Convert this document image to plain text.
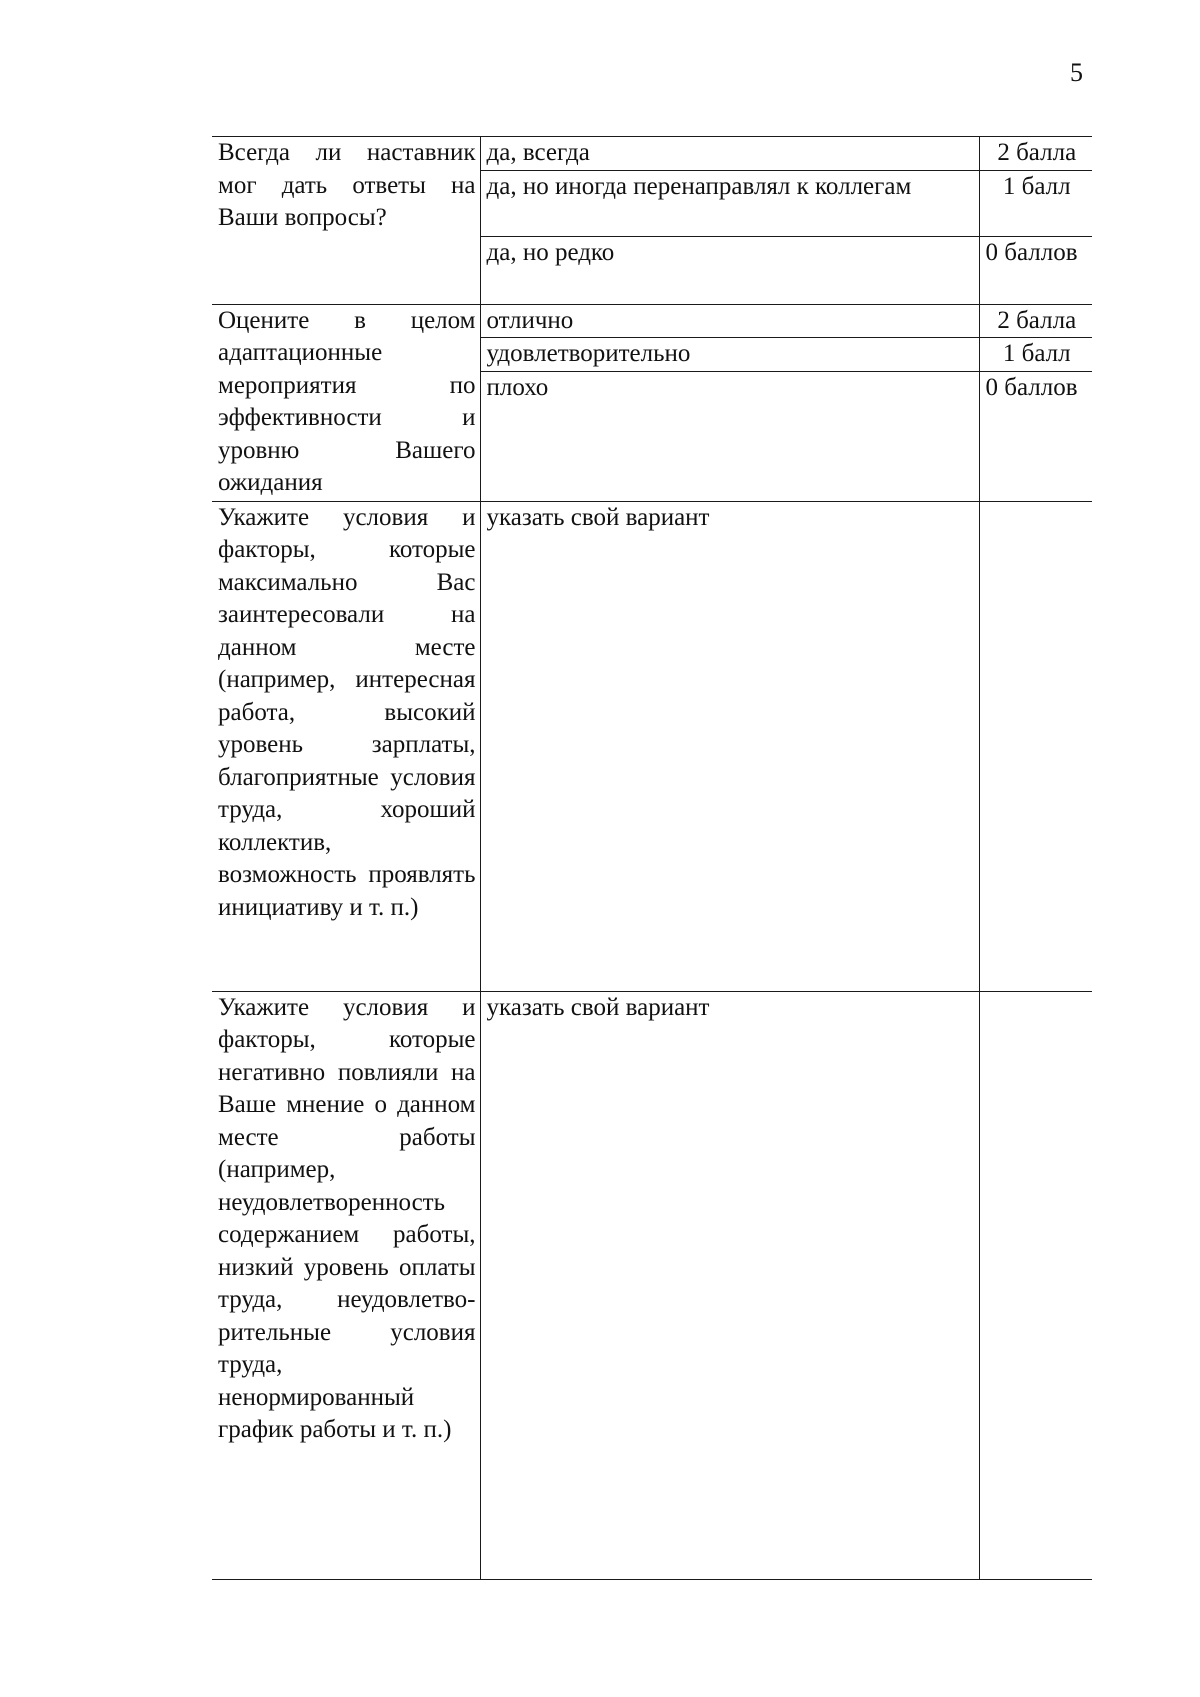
5
Всегда ли наставник мог дать ответы на Ваши вопросы?	да, всегда	2 балла

	да, но иногда перенаправлял к коллегам	1 балл

	да, но редко	0 баллов

Оцените в целом адаптационные мероприятия по эффективности и уровню Вашего ожидания	отлично	2 балла

	удовлетворительно	1 балл

	плохо	0 баллов

Укажите условия и факторы, которые максимально Вас заинтересовали на данном месте (например, интересная работа, высокий уровень зарплаты, благоприятные условия труда, хороший коллектив, возможность проявлять инициативу и т. п.)	указать свой вариант	

Укажите условия и факторы, которые негативно повлияли на Ваше мнение о данном месте работы (например, неудовлетворенность содержанием работы, низкий уровень оплаты труда, неудовлетворительные условия труда, ненормированный график работы и т. п.)	указать свой вариант	
